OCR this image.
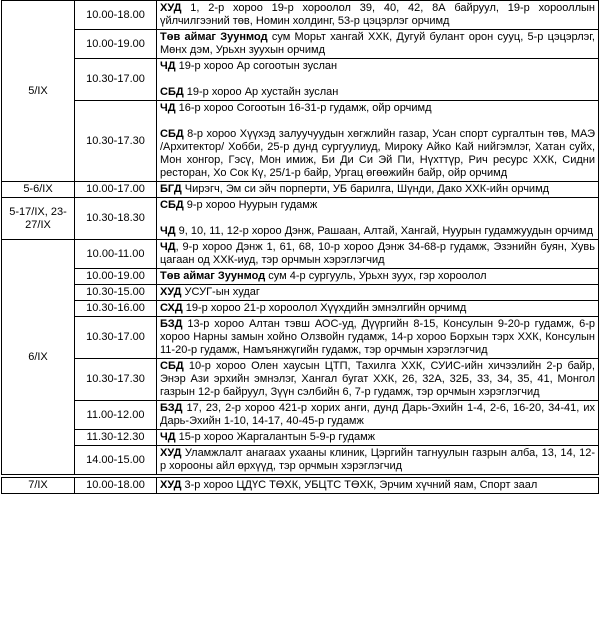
5/IX	10.00-18.00	ХУД 1, 2-р хороо 19-р хороолол 39, 40, 42, 8А байруул, 19-р хорооллын үйлчилгээний төв, Номин холдинг, 53-р цэцэрлэг орчимд

	10.00-19.00	Төв аймаг Зуунмод сум Морьт хангай ХХК, Дугуй булант орон сууц, 5-р цэцэрлэг, Мөнх дэм, Урьхн зуухын орчимд

	10.30-17.00	ЧД 19-р хороо Ар согоотын зуслан
СБД 19-р хороо Ар хустайн зуслан

	10.30-17.30	ЧД 16-р хороо Согоотын 16-31-р гудамж, ойр орчимд
СБД 8-р хороо Хүүхэд залуучуудын хөгжлийн газар, Усан спорт сургалтын төв, МАЭ /Архитектор/ Хобби, 25-р дунд сургуулиуд, Мироку Айко Кай нийгэмлэг, Хатан суйх, Мон хонгор, Гэсү, Мон имиж, Би Ди Си Эй Пи, Нүхттүр, Рич ресурс ХХК, Сидни ресторан, Хо Сок Кү, 25/1-р байр, Ургац өгөөжийн байр, ойр орчимд

5-6/IX	10.00-17.00	БГД Чирэгч, Эм си эйч порперти, УБ барилга, Шүнди, Дако ХХК-ийн орчимд

5-17/IX, 23-27/IX	10.30-18.30	СБД 9-р хороо Нуурын гудамж
ЧД 9, 10, 11, 12-р хороо Дэнж, Рашаан, Алтай, Хангай, Нуурын гудамжуудын орчимд

6/IX	10.00-11.00	ЧД, 9-р хороо Дэнж 1, 61, 68, 10-р хороо Дэнж 34-68-р гудамж, Эзэнийн буян, Хувь цагаан од ХХК-иуд, тэр орчмын хэрэглэгчид

	10.00-19.00	Төв аймаг Зуунмод сум 4-р сургууль, Урьхн зуух, гэр хороолол

	10.30-15.00	ХУД УСУГ-ын худаг

	10.30-16.00	СХД 19-р хороо 21-р хороолол Хүүхдийн эмнэлгийн орчимд

	10.30-17.00	БЗД 13-р хороо Алтан тэвш АОС-уд, Дүүргийн 8-15, Консулын 9-20-р гудамж, 6-р хороо Нарны замын хойно Олзвойн гудамж, 14-р хороо Борхын тэрх ХХК, Консулын 11-20-р гудамж, Намъянжүгийн гудамж, тэр орчмын хэрэглэгчид

	10.30-17.30	СБД 10-р хороо Олен хаусын ЦТП, Тахилга ХХК, СУИС-ийн хичээлийн 2-р байр, Энэр Ази эрхийн эмнэлэг, Хангал бугат ХХК, 26, 32А, 32Б, 33, 34, 35, 41, Монгол газрын 12-р байруул, Зүүн сэлбийн 6, 7-р гудамж, тэр орчмын хэрэглэгчид

	11.00-12.00	БЗД 17, 23, 2-р хороо 421-р хорих анги, дунд Дарь-Эхийн 1-4, 2-6, 16-20, 34-41, их Дарь-Эхийн 1-10, 14-17, 40-45-р гудамж

	11.30-12.30	ЧД 15-р хороо Жаргалантын 5-9-р гудамж

	14.00-15.00	ХУД Уламжлалт анагаах ухааны клиник, Цэргийн тагнуулын газрын алба, 13, 14, 12-р хорооны айл өрхүүд, тэр орчмын хэрэглэгчид

7/IX	10.00-18.00	ХУД 3-р хороо ЦДҮС ТӨХК, УБЦТС ТӨХК, Эрчим хүчний яам, Спорт заал
